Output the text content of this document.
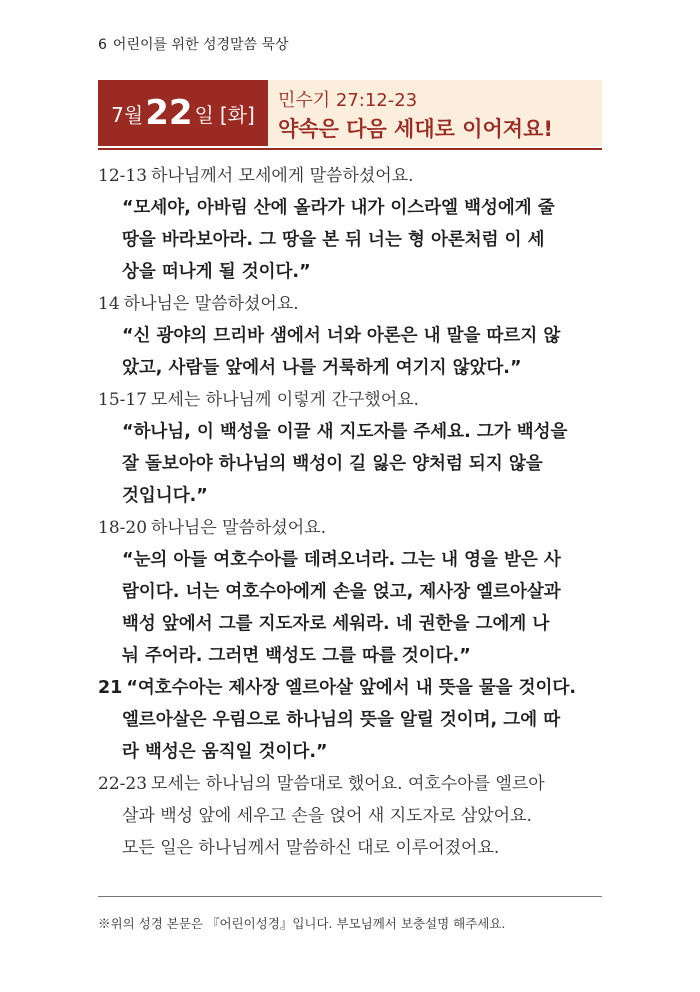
6 어린이를 위한 성경말씀 묵상
7월 22 일 [화]
민수기 27:12-23
약속은 다음 세대로 이어져요!
12-13 하나님께서 모세에게 말씀하셨어요.
“모세야, 아바림 산에 올라가 내가 이스라엘 백성에게 줄
땅을 바라보아라. 그 땅을 본 뒤 너는 형 아론처럼 이 세
상을 떠나게 될 것이다.”
14 하나님은 말씀하셨어요.
“신 광야의 므리바 샘에서 너와 아론은 내 말을 따르지 않
았고, 사람들 앞에서 나를 거룩하게 여기지 않았다.”
15-17 모세는 하나님께 이렇게 간구했어요.
“하나님, 이 백성을 이끌 새 지도자를 주세요. 그가 백성을
잘 돌보아야 하나님의 백성이 길 잃은 양처럼 되지 않을
것입니다.”
18-20 하나님은 말씀하셨어요.
“눈의 아들 여호수아를 데려오너라. 그는 내 영을 받은 사
람이다. 너는 여호수아에게 손을 얹고, 제사장 엘르아살과
백성 앞에서 그를 지도자로 세워라. 네 권한을 그에게 나
눠 주어라. 그러면 백성도 그를 따를 것이다.”
21 “여호수아는 제사장 엘르아살 앞에서 내 뜻을 물을 것이다.
엘르아살은 우림으로 하나님의 뜻을 알릴 것이며, 그에 따
라 백성은 움직일 것이다.”
22-23 모세는 하나님의 말씀대로 했어요. 여호수아를 엘르아
살과 백성 앞에 세우고 손을 얹어 새 지도자로 삼았어요.
모든 일은 하나님께서 말씀하신 대로 이루어졌어요.
※위의 성경 본문은 『어린이성경』입니다. 부모님께서 보충설명 해주세요.
